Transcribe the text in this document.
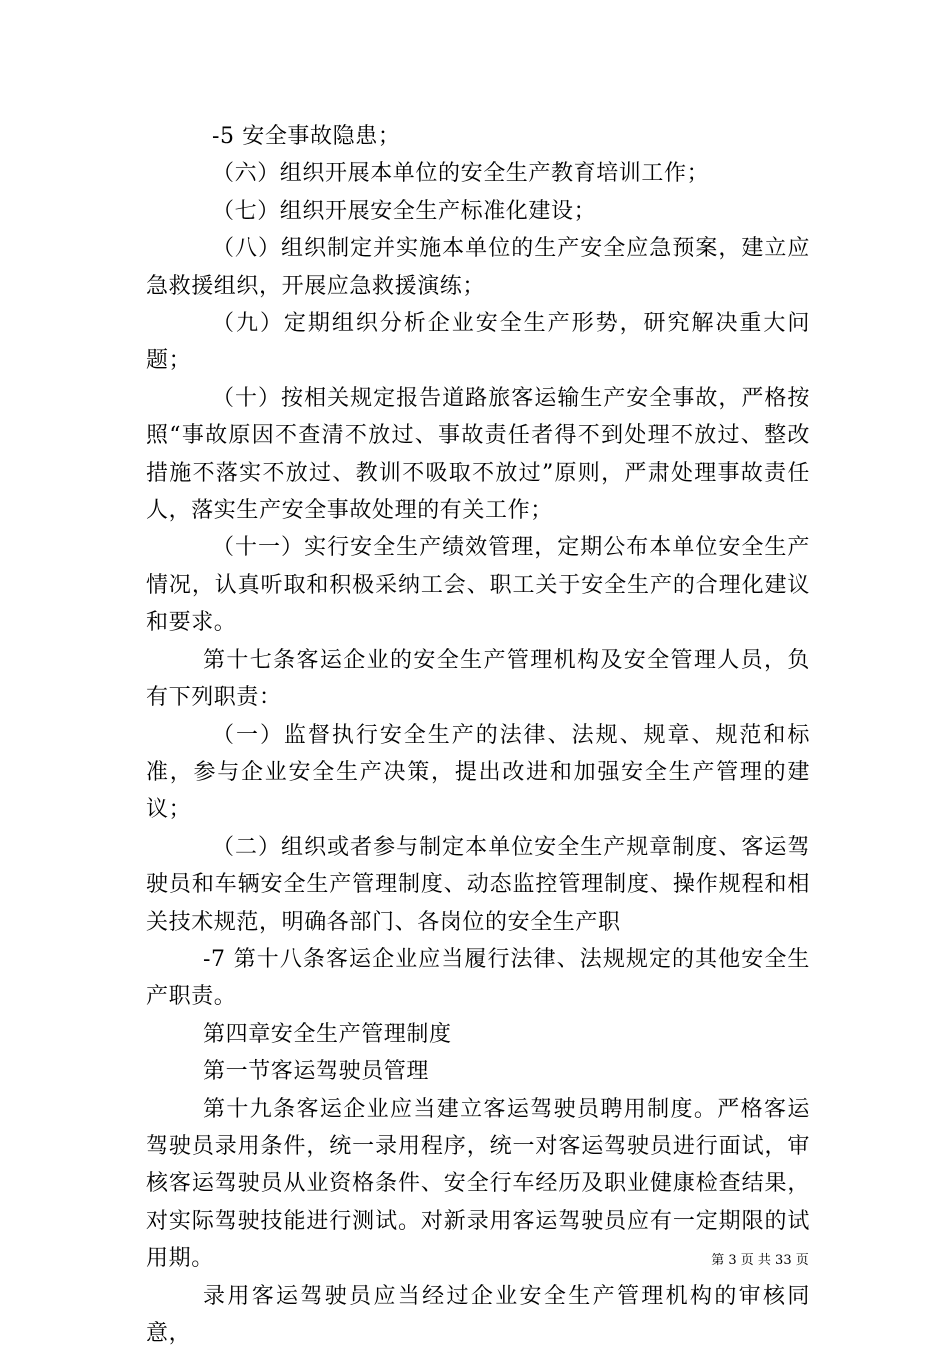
-5 安全事故隐患；

（六）组织开展本单位的安全生产教育培训工作；

（七）组织开展安全生产标准化建设；

（八）组织制定并实施本单位的生产安全应急预案，建立应急救援组织，开展应急救援演练；

（九）定期组织分析企业安全生产形势，研究解决重大问题；

（十）按相关规定报告道路旅客运输生产安全事故，严格按照“事故原因不查清不放过、事故责任者得不到处理不放过、整改措施不落实不放过、教训不吸取不放过”原则，严肃处理事故责任人，落实生产安全事故处理的有关工作；

（十一）实行安全生产绩效管理，定期公布本单位安全生产情况，认真听取和积极采纳工会、职工关于安全生产的合理化建议和要求。

第十七条客运企业的安全生产管理机构及安全管理人员，负有下列职责：

（一）监督执行安全生产的法律、法规、规章、规范和标准，参与企业安全生产决策，提出改进和加强安全生产管理的建议；

（二）组织或者参与制定本单位安全生产规章制度、客运驾驶员和车辆安全生产管理制度、动态监控管理制度、操作规程和相关技术规范，明确各部门、各岗位的安全生产职

-7 第十八条客运企业应当履行法律、法规规定的其他安全生产职责。

第四章安全生产管理制度

第一节客运驾驶员管理

第十九条客运企业应当建立客运驾驶员聘用制度。严格客运驾驶员录用条件，统一录用程序，统一对客运驾驶员进行面试，审核客运驾驶员从业资格条件、安全行车经历及职业健康检查结果，对实际驾驶技能进行测试。对新录用客运驾驶员应有一定期限的试用期。

录用客运驾驶员应当经过企业安全生产管理机构的审核同意，

第 3 页 共 33 页
